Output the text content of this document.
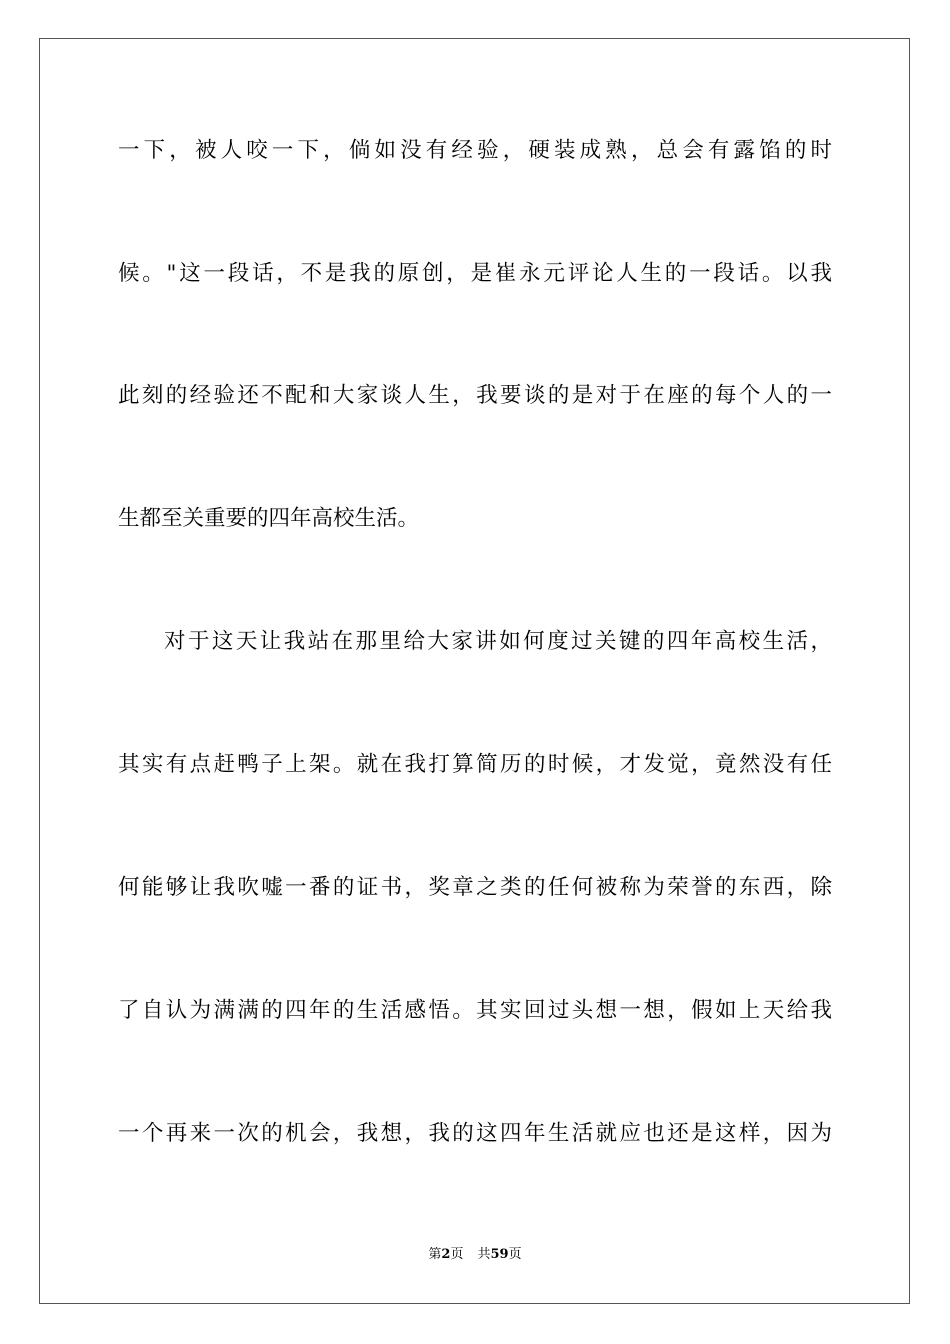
一下，被人咬一下，倘如没有经验，硬装成熟，总会有露馅的时
候。"这一段话，不是我的原创，是崔永元评论人生的一段话。以我
此刻的经验还不配和大家谈人生，我要谈的是对于在座的每个人的一
生都至关重要的四年高校生活。
对于这天让我站在那里给大家讲如何度过关键的四年高校生活，
其实有点赶鸭子上架。就在我打算简历的时候，才发觉，竟然没有任
何能够让我吹嘘一番的证书，奖章之类的任何被称为荣誉的东西，除
了自认为满满的四年的生活感悟。其实回过头想一想，假如上天给我
一个再来一次的机会，我想，我的这四年生活就应也还是这样，因为
第2页 共59页
